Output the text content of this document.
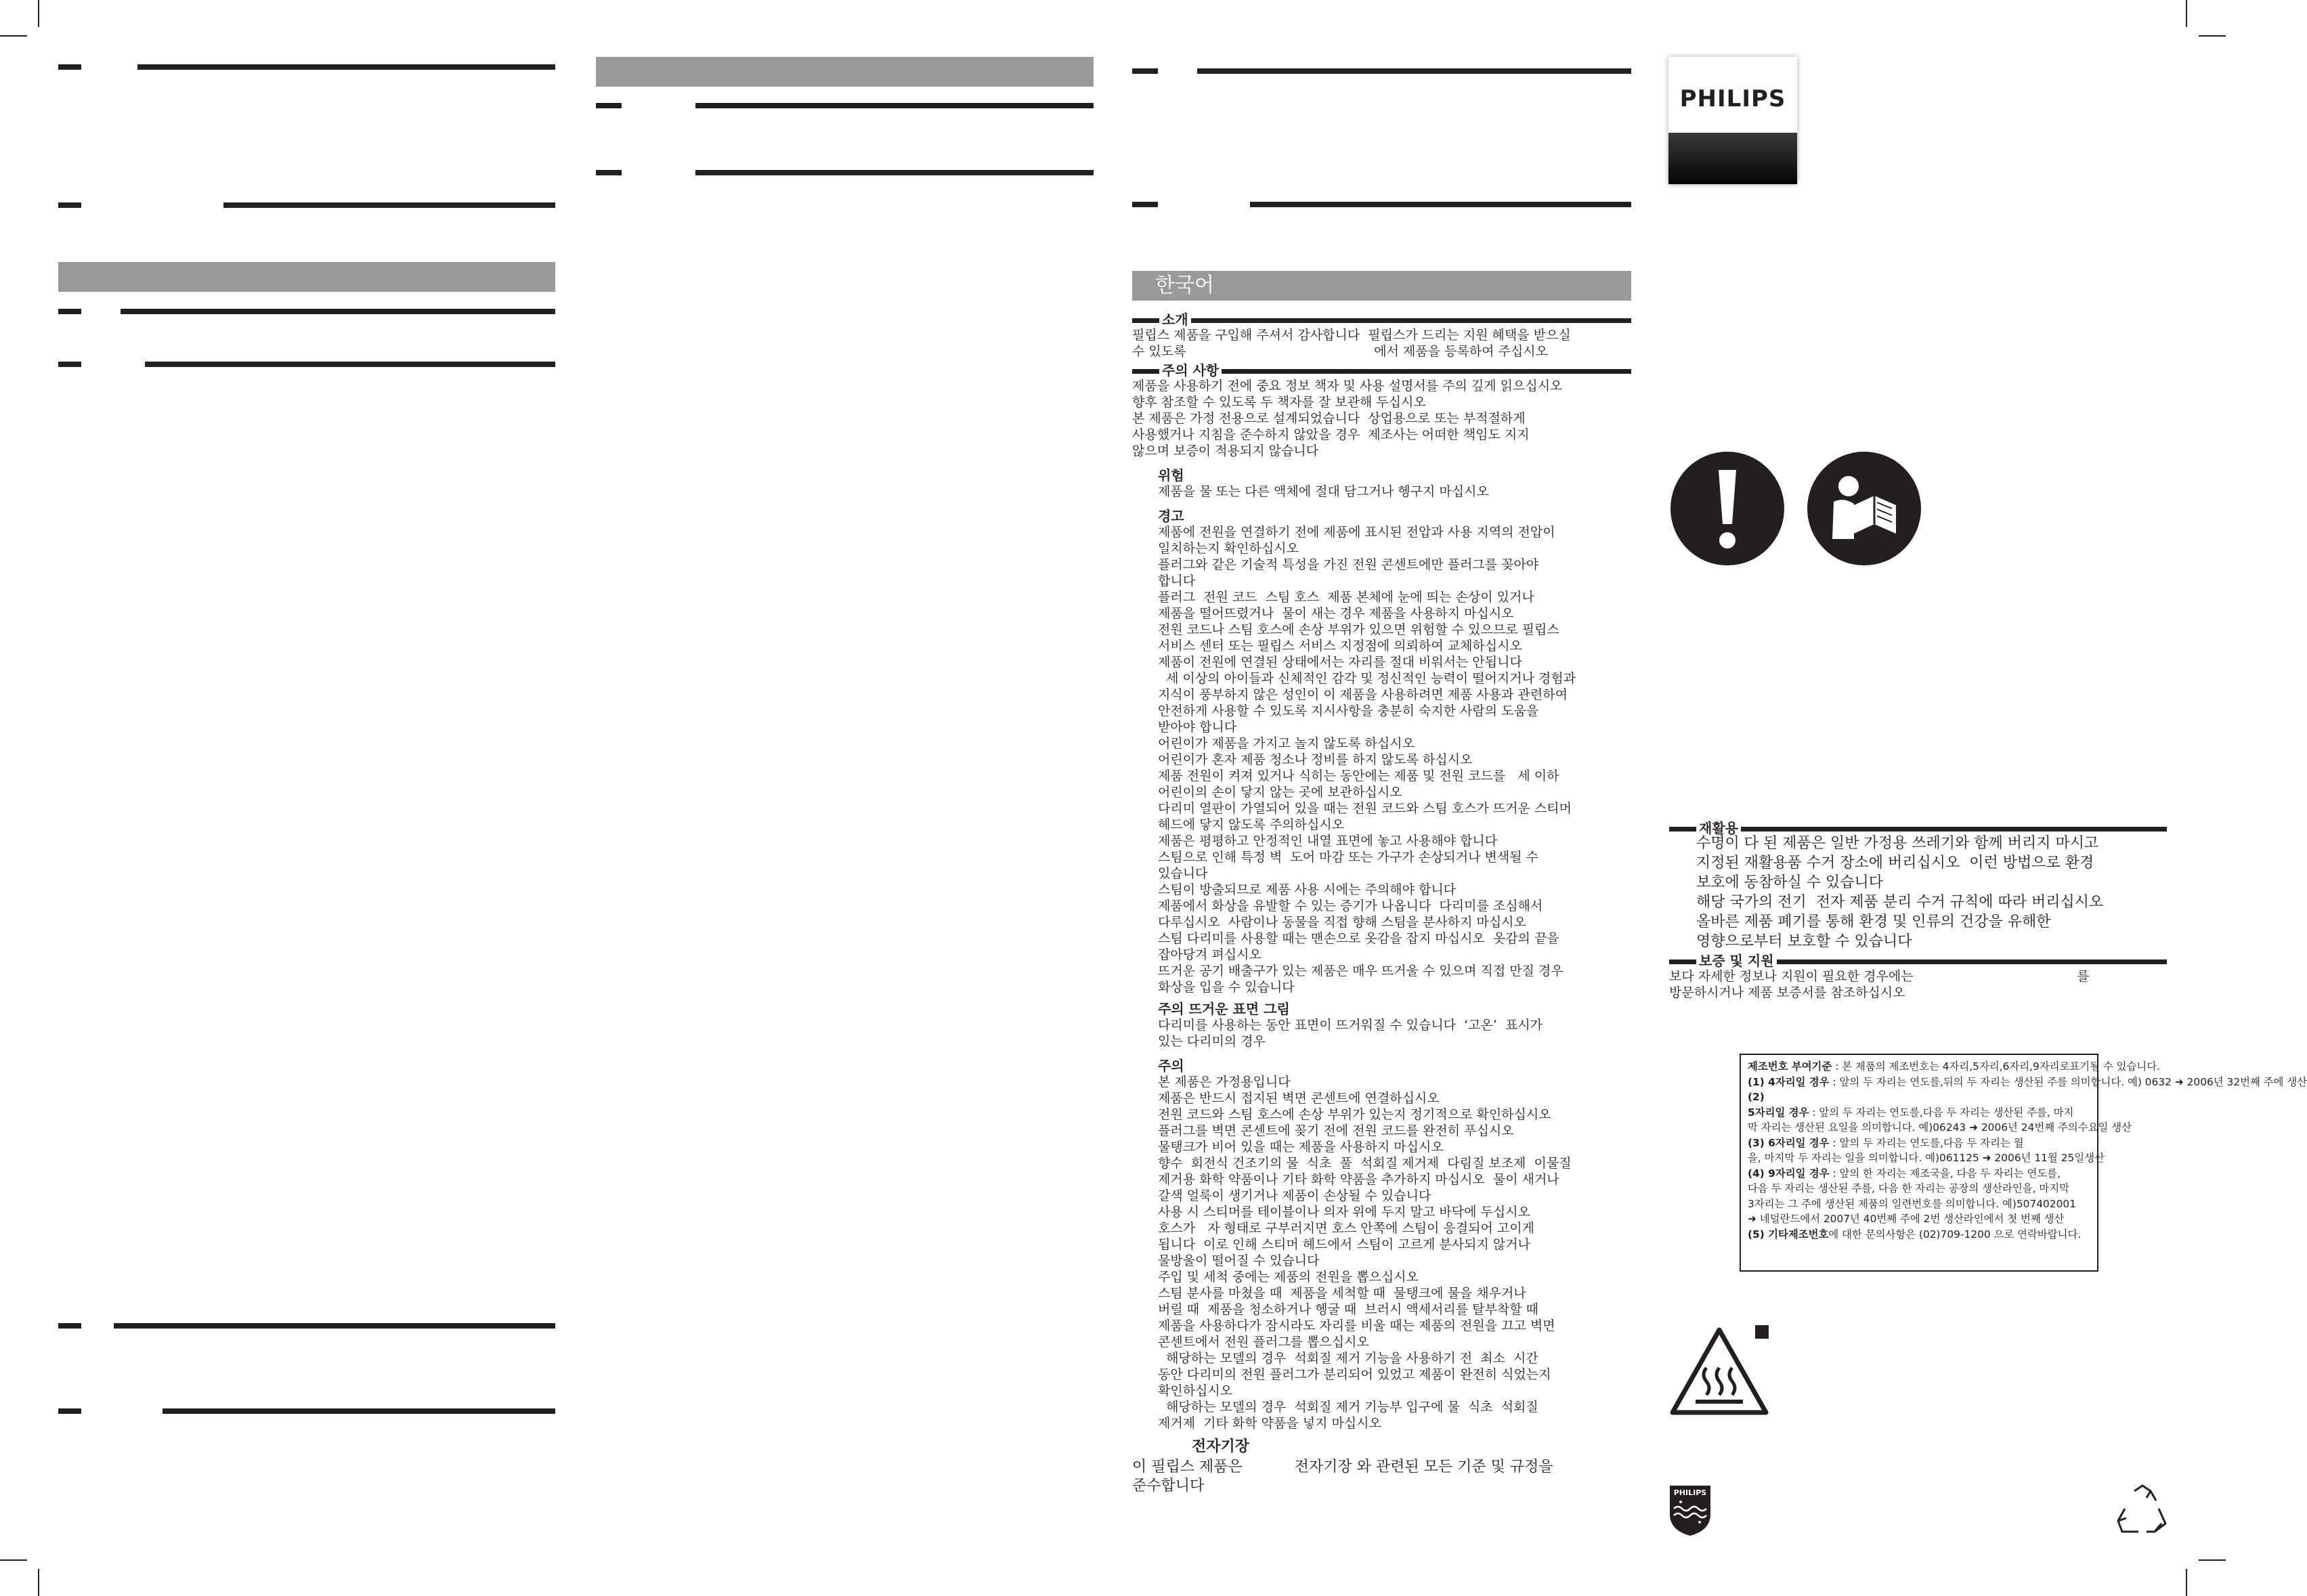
한국어
소개
필립스 제품을 구입해 주셔서 감사합니다  필립스가 드리는 지원 혜택을 받으실
수 있도록                                              에서 제품을 등록하여 주십시오
주의 사항
제품을 사용하기 전에 중요 정보 책자 및 사용 설명서를 주의 깊게 읽으십시오
향후 참조할 수 있도록 두 책자를 잘 보관해 두십시오
본 제품은 가정 전용으로 설계되었습니다  상업용으로 또는 부적절하게
사용했거나 지침을 준수하지 않았을 경우  제조사는 어떠한 책임도 지지
않으며 보증이 적용되지 않습니다
위험
제품을 물 또는 다른 액체에 절대 담그거나 헹구지 마십시오
경고
제품에 전원을 연결하기 전에 제품에 표시된 전압과 사용 지역의 전압이
일치하는지 확인하십시오
플러그와 같은 기술적 특성을 가진 전원 콘센트에만 플러그를 꽂아야
합니다
플러그  전원 코드  스팀 호스  제품 본체에 눈에 띄는 손상이 있거나
제품을 떨어뜨렸거나  물이 새는 경우 제품을 사용하지 마십시오
전원 코드나 스팀 호스에 손상 부위가 있으면 위험할 수 있으므로 필립스
서비스 센터 또는 필립스 서비스 지정점에 의뢰하여 교체하십시오
제품이 전원에 연결된 상태에서는 자리를 절대 비워서는 안됩니다
세 이상의 아이들과 신체적인 감각 및 정신적인 능력이 떨어지거나 경험과
지식이 풍부하지 않은 성인이 이 제품을 사용하려면 제품 사용과 관련하여
안전하게 사용할 수 있도록 지시사항을 충분히 숙지한 사람의 도움을
받아야 합니다
어린이가 제품을 가지고 놀지 않도록 하십시오
어린이가 혼자 제품 청소나 정비를 하지 않도록 하십시오
제품 전원이 켜져 있거나 식히는 동안에는 제품 및 전원 코드를   세 이하
어린이의 손이 닿지 않는 곳에 보관하십시오
다리미 열판이 가열되어 있을 때는 전원 코드와 스팀 호스가 뜨거운 스티머
헤드에 닿지 않도록 주의하십시오
제품은 평평하고 안정적인 내열 표면에 놓고 사용해야 합니다
스팀으로 인해 특정 벽  도어 마감 또는 가구가 손상되거나 변색될 수
있습니다
스팀이 방출되므로 제품 사용 시에는 주의해야 합니다
제품에서 화상을 유발할 수 있는 증기가 나옵니다  다리미를 조심해서
다루십시오  사람이나 동물을 직접 향해 스팀을 분사하지 마십시오
스팀 다리미를 사용할 때는 맨손으로 옷감을 잡지 마십시오  옷감의 끝을
잡아당겨 펴십시오
뜨거운 공기 배출구가 있는 제품은 매우 뜨거울 수 있으며 직접 만질 경우
화상을 입을 수 있습니다
주의 뜨거운 표면 그림
다리미를 사용하는 동안 표면이 뜨거워질 수 있습니다  ‘고온’  표시가
있는 다리미의 경우
주의
본 제품은 가정용입니다
제품은 반드시 접지된 벽면 콘센트에 연결하십시오
전원 코드와 스팀 호스에 손상 부위가 있는지 정기적으로 확인하십시오
플러그를 벽면 콘센트에 꽂기 전에 전원 코드를 완전히 푸십시오
물탱크가 비어 있을 때는 제품을 사용하지 마십시오
향수  회전식 건조기의 물  식초  풀  석회질 제거제  다림질 보조제  이물질
제거용 화학 약품이나 기타 화학 약품을 추가하지 마십시오  물이 새거나
갈색 얼룩이 생기거나 제품이 손상될 수 있습니다
사용 시 스티머를 테이블이나 의자 위에 두지 말고 바닥에 두십시오
호스가   자 형태로 구부러지면 호스 안쪽에 스팀이 응결되어 고이게
됩니다  이로 인해 스티머 헤드에서 스팀이 고르게 분사되지 않거나
물방울이 떨어질 수 있습니다
주입 및 세척 중에는 제품의 전원을 뽑으십시오
스팀 분사를 마쳤을 때  제품을 세척할 때  물탱크에 물을 채우거나
버릴 때  제품을 청소하거나 헹굴 때  브러시 액세서리를 탈부착할 때
제품을 사용하다가 잠시라도 자리를 비울 때는 제품의 전원을 끄고 벽면
콘센트에서 전원 플러그를 뽑으십시오
해당하는 모델의 경우  석회질 제거 기능을 사용하기 전  최소  시간
동안 다리미의 전원 플러그가 분리되어 있었고 제품이 완전히 식었는지
확인하십시오
해당하는 모델의 경우  석회질 제거 기능부 입구에 물  식초  석회질
제거제  기타 화학 약품을 넣지 마십시오
전자기장
이 필립스 제품은           전자기장 와 관련된 모든 기준 및 규정을
준수합니다
PHILIPS
재활용
수명이 다 된 제품은 일반 가정용 쓰레기와 함께 버리지 마시고
지정된 재활용품 수거 장소에 버리십시오  이런 방법으로 환경
보호에 동참하실 수 있습니다
해당 국가의 전기  전자 제품 분리 수거 규칙에 따라 버리십시오
올바른 제품 폐기를 통해 환경 및 인류의 건강을 유해한
영향으로부터 보호할 수 있습니다
보증 및 지원
보다 자세한 정보나 지원이 필요한 경우에는                                        를
방문하시거나 제품 보증서를 참조하십시오
제조번호 부여기준 : 본 제품의 제조번호는 4자리,5자리,6자리,9자리로표기될 수 있습니다.
(1) 4자리일 경우 : 앞의 두 자리는 연도를,뒤의 두 자리는 생산된 주를 의미합니다. 예) 0632 ➜ 2006년 32번째 주에 생산
(2)
5자리일 경우 : 앞의 두 자리는 연도를,다음 두 자리는 생산된 주를, 마지
막 자리는 생산된 요일을 의미합니다. 예)06243 ➜ 2006년 24번째 주의수요일 생산
(3) 6자리일 경우 : 앞의 두 자리는 연도를,다음 두 자리는 월
을, 마지막 두 자리는 일을 의미합니다. 예)061125 ➜ 2006년 11월 25일생산
(4) 9자리일 경우 : 앞의 한 자리는 제조국을, 다음 두 자리는 연도를,
다음 두 자리는 생산된 주를, 다음 한 자리는 공장의 생산라인을, 마지막
3자리는 그 주에 생산된 제품의 일련번호를 의미합니다. 예)507402001
➜ 네덜란드에서 2007년 40번째 주에 2번 생산라인에서 첫 번째 생산
(5) 기타제조번호에 대한 문의사항은 (02)709-1200 으로 연락바랍니다.
PHILIPS
